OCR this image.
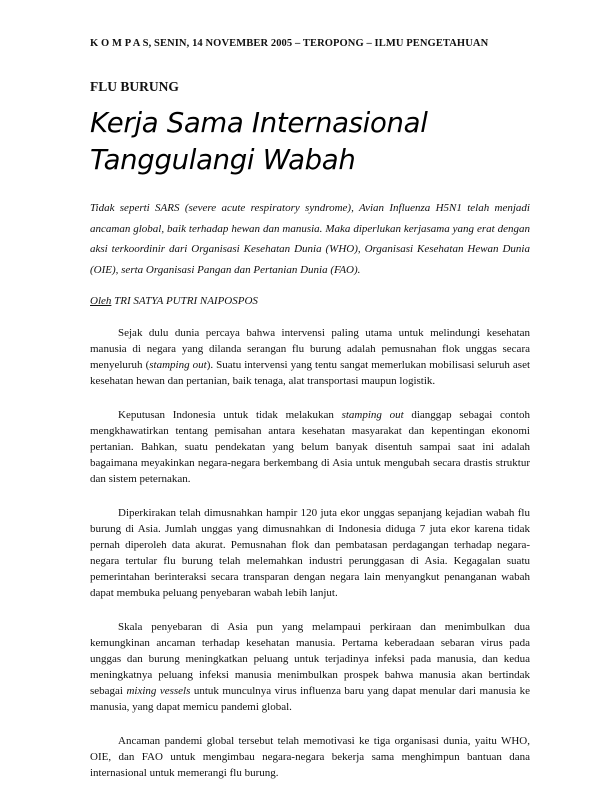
K O M P A S, SENIN, 14 NOVEMBER 2005 – TEROPONG – ILMU PENGETAHUAN
FLU BURUNG
Kerja Sama Internasional
Tanggulangi Wabah
Tidak seperti SARS (severe acute respiratory syndrome), Avian Influenza H5N1 telah menjadi ancaman global, baik terhadap hewan dan manusia. Maka diperlukan kerjasama yang erat dengan aksi terkoordinir dari Organisasi Kesehatan Dunia (WHO), Organisasi Kesehatan Hewan Dunia (OIE), serta Organisasi Pangan dan Pertanian Dunia (FAO).
Oleh TRI SATYA PUTRI NAIPOSPOS

Sejak dulu dunia percaya bahwa intervensi paling utama untuk melindungi kesehatan manusia di negara yang dilanda serangan flu burung adalah pemusnahan flok unggas secara menyeluruh (stamping out). Suatu intervensi yang tentu sangat memerlukan mobilisasi seluruh aset kesehatan hewan dan pertanian, baik tenaga, alat transportasi maupun logistik.

Keputusan Indonesia untuk tidak melakukan stamping out dianggap sebagai contoh mengkhawatirkan tentang pemisahan antara kesehatan masyarakat dan kepentingan ekonomi pertanian. Bahkan, suatu pendekatan yang belum banyak disentuh sampai saat ini adalah bagaimana meyakinkan negara-negara berkembang di Asia untuk mengubah secara drastis struktur dan sistem peternakan.

Diperkirakan telah dimusnahkan hampir 120 juta ekor unggas sepanjang kejadian wabah flu burung di Asia. Jumlah unggas yang dimusnahkan di Indonesia diduga 7 juta ekor karena tidak pernah diperoleh data akurat. Pemusnahan flok dan pembatasan perdagangan terhadap negara-negara tertular flu burung telah melemahkan industri perunggasan di Asia. Kegagalan suatu pemerintahan berinteraksi secara transparan dengan negara lain menyangkut penanganan wabah dapat membuka peluang penyebaran wabah lebih lanjut.

Skala penyebaran di Asia pun yang melampaui perkiraan dan menimbulkan dua kemungkinan ancaman terhadap kesehatan manusia. Pertama keberadaan sebaran virus pada unggas dan burung meningkatkan peluang untuk terjadinya infeksi pada manusia, dan kedua meningkatnya peluang infeksi manusia menimbulkan prospek bahwa manusia akan bertindak sebagai mixing vessels untuk munculnya virus influenza baru yang dapat menular dari manusia ke manusia, yang dapat memicu pandemi global.

Ancaman pandemi global tersebut telah memotivasi ke tiga organisasi dunia, yaitu WHO, OIE, dan FAO untuk mengimbau negara-negara bekerja sama menghimpun bantuan dana internasional untuk memerangi flu burung.
